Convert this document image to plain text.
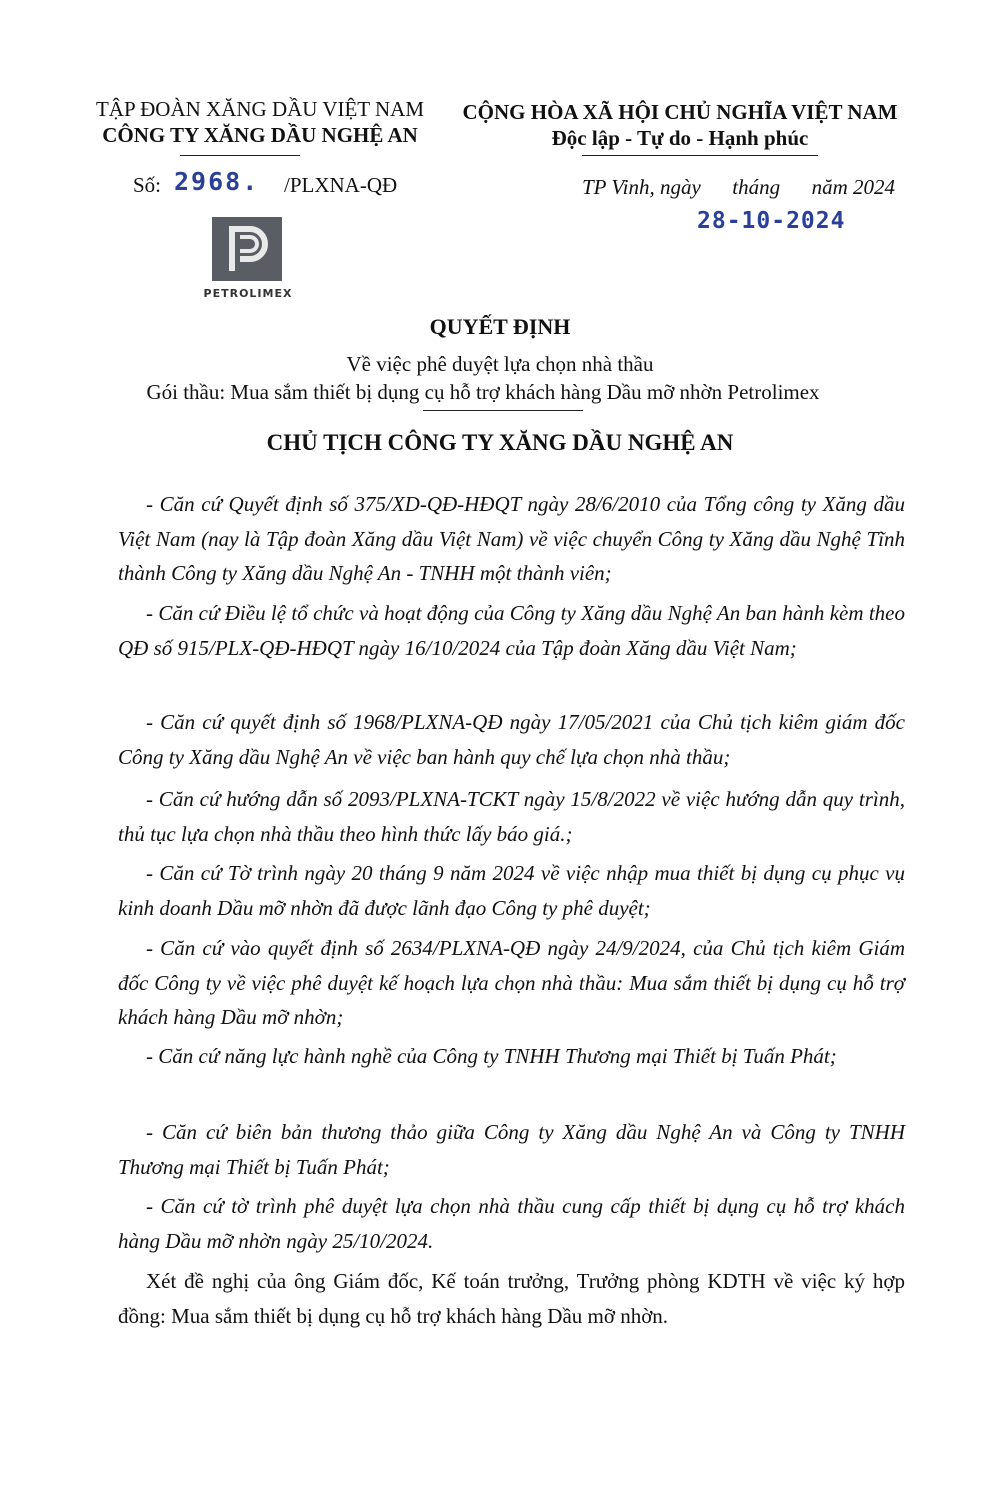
TẬP ĐOÀN XĂNG DẦU VIỆT NAM
CÔNG TY XĂNG DẦU NGHỆ AN
CỘNG HÒA XÃ HỘI CHỦ NGHĨA VIỆT NAM
Độc lập - Tự do - Hạnh phúc
Số: 2968. /PLXNA-QĐ	TP Vinh, ngày      tháng      năm 2024
28-10-2024
PETROLIMEX
QUYẾT ĐỊNH
Về việc phê duyệt lựa chọn nhà thầu
Gói thầu: Mua sắm thiết bị dụng cụ hỗ trợ khách hàng Dầu mỡ nhờn Petrolimex
CHỦ TỊCH CÔNG TY XĂNG DẦU NGHỆ AN
- Căn cứ Quyết định số 375/XD-QĐ-HĐQT ngày 28/6/2010 của Tổng công ty Xăng dầu Việt Nam (nay là Tập đoàn Xăng dầu Việt Nam) về việc chuyển Công ty Xăng dầu Nghệ Tĩnh thành Công ty Xăng dầu Nghệ An - TNHH một thành viên;
- Căn cứ Điều lệ tổ chức và hoạt động của Công ty Xăng dầu Nghệ An ban hành kèm theo QĐ số 915/PLX-QĐ-HĐQT ngày 16/10/2024 của Tập đoàn Xăng dầu Việt Nam;
- Căn cứ quyết định số 1968/PLXNA-QĐ ngày 17/05/2021 của Chủ tịch kiêm giám đốc Công ty Xăng dầu Nghệ An về việc ban hành quy chế lựa chọn nhà thầu;
- Căn cứ hướng dẫn số 2093/PLXNA-TCKT ngày 15/8/2022 về việc hướng dẫn quy trình, thủ tục lựa chọn nhà thầu theo hình thức lấy báo giá.;
- Căn cứ Tờ trình ngày 20 tháng 9 năm 2024 về việc nhập mua thiết bị dụng cụ phục vụ kinh doanh Dầu mỡ nhờn đã được lãnh đạo Công ty phê duyệt;
- Căn cứ vào quyết định số 2634/PLXNA-QĐ ngày 24/9/2024, của Chủ tịch kiêm Giám đốc Công ty về việc phê duyệt kế hoạch lựa chọn nhà thầu: Mua sắm thiết bị dụng cụ hỗ trợ khách hàng Dầu mỡ nhờn;
- Căn cứ năng lực hành nghề của Công ty TNHH Thương mại Thiết bị Tuấn Phát;
- Căn cứ biên bản thương thảo giữa Công ty Xăng dầu Nghệ An và Công ty TNHH Thương mại Thiết bị Tuấn Phát;
- Căn cứ tờ trình phê duyệt lựa chọn nhà thầu cung cấp thiết bị dụng cụ hỗ trợ khách hàng Dầu mỡ nhờn ngày 25/10/2024.
Xét đề nghị của ông Giám đốc, Kế toán trưởng, Trưởng phòng KDTH về việc ký hợp đồng: Mua sắm thiết bị dụng cụ hỗ trợ khách hàng Dầu mỡ nhờn.
